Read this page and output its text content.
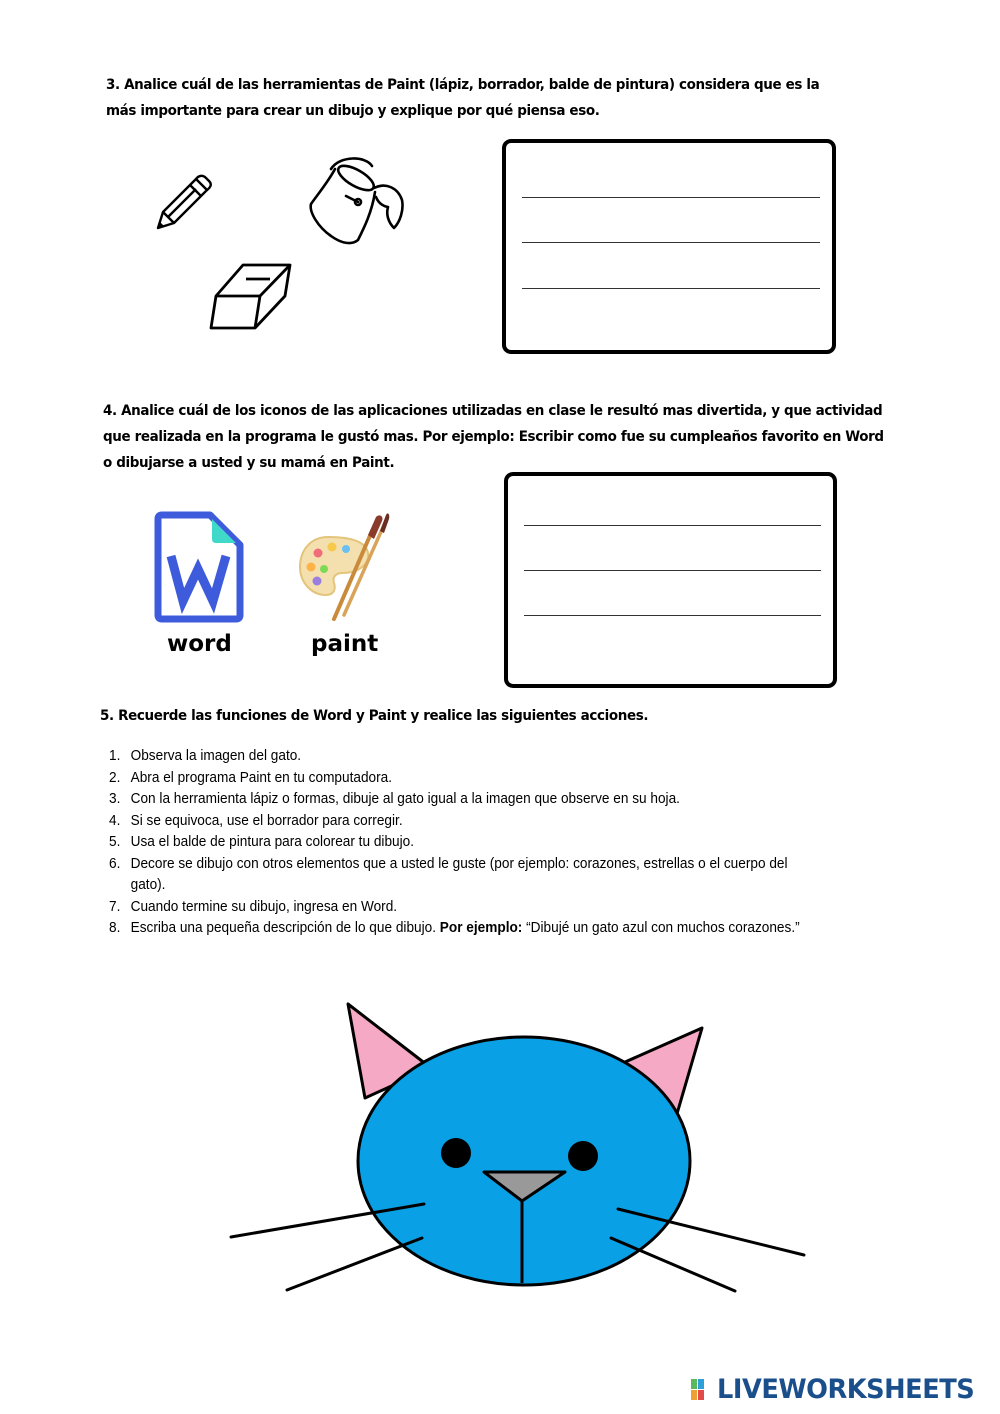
3. Analice cuál de las herramientas de Paint (lápiz, borrador, balde de pintura) considera que es la más importante para crear un dibujo y explique por qué piensa eso.
4. Analice cuál de los iconos de las aplicaciones utilizadas en clase le resultó mas divertida, y que actividad que realizada en la programa le gustó mas. Por ejemplo: Escribir como fue su cumpleaños favorito en Word o dibujarse a usted y su mamá en Paint.
word	paint
5. Recuerde las funciones de Word y Paint y realice las siguientes acciones.
1. Observa la imagen del gato.
2. Abra el programa Paint en tu computadora.
3. Con la herramienta lápiz o formas, dibuje al gato igual a la imagen que observe en su hoja.
4. Si se equivoca, use el borrador para corregir.
5. Usa el balde de pintura para colorear tu dibujo.
6. Decore se dibujo con otros elementos que a usted le guste (por ejemplo: corazones, estrellas o el cuerpo del gato).
7. Cuando termine su dibujo, ingresa en Word.
8. Escriba una pequeña descripción de lo que dibujo. Por ejemplo: “Dibujé un gato azul con muchos corazones.”
LIVEWORKSHEETS
